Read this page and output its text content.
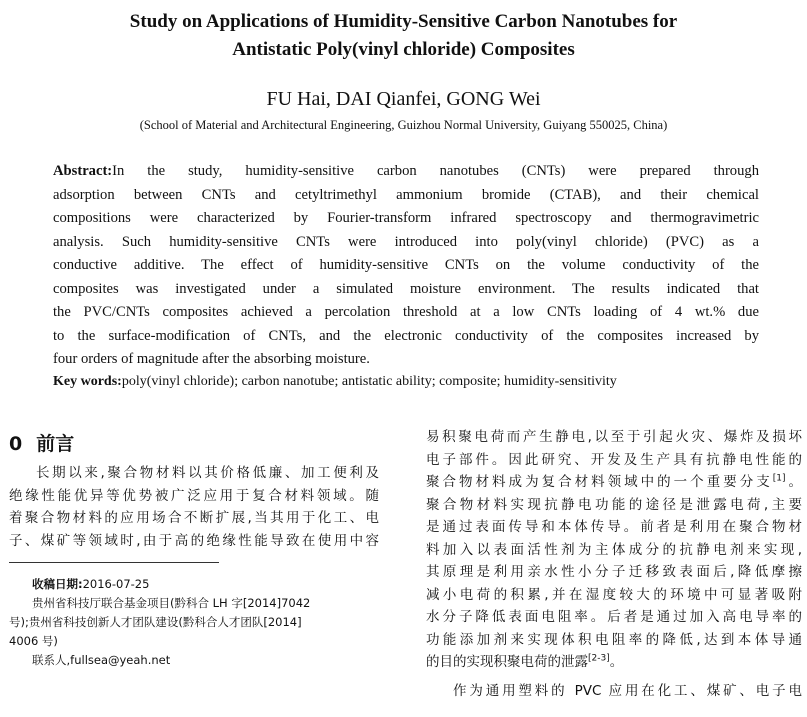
Study on Applications of Humidity-Sensitive Carbon Nanotubes for
Antistatic Poly(vinyl chloride) Composites
FU Hai, DAI Qianfei, GONG Wei
(School of Material and Architectural Engineering, Guizhou Normal University, Guiyang 550025, China)
Abstract:In the study, humidity-sensitive carbon nanotubes (CNTs) were prepared through
adsorption between CNTs and cetyltrimethyl ammonium bromide (CTAB), and their chemical
compositions were characterized by Fourier-transform infrared spectroscopy and thermogravimetric
analysis. Such humidity-sensitive CNTs were introduced into poly(vinyl chloride) (PVC) as a
conductive additive. The effect of humidity-sensitive CNTs on the volume conductivity of the
composites was investigated under a simulated moisture environment. The results indicated that
the PVC/CNTs composites achieved a percolation threshold at a low CNTs loading of 4 wt.% due
to the surface-modification of CNTs, and the electronic conductivity of the composites increased by
four orders of magnitude after the absorbing moisture.
Key words:poly(vinyl chloride); carbon nanotube; antistatic ability; composite; humidity-sensitivity
0 前言
长期以来,聚合物材料以其价格低廉、加工便利及
绝缘性能优异等优势被广泛应用于复合材料领域。随
着聚合物材料的应用场合不断扩展,当其用于化工、电
子、煤矿等领域时,由于高的绝缘性能导致在使用中容
收稿日期:2016-07-25
贵州省科技厅联合基金项目(黔科合 LH 字[2014]7042
号);贵州省科技创新人才团队建设(黔科合人才团队[2014]
4006 号)
联系人,fullsea@yeah.net
易积聚电荷而产生静电,以至于引起火灾、爆炸及损坏
电子部件。因此研究、开发及生产具有抗静电性能的
聚合物材料成为复合材料领域中的一个重要分支[1]。
聚合物材料实现抗静电功能的途径是泄露电荷,主要
是通过表面传导和本体传导。前者是利用在聚合物材
料加入以表面活性剂为主体成分的抗静电剂来实现,
其原理是利用亲水性小分子迁移致表面后,降低摩擦
减小电荷的积累,并在湿度较大的环境中可显著吸附
水分子降低表面电阻率。后者是通过加入高电导率的
功能添加剂来实现体积电阻率的降低,达到本体导通
的目的实现积聚电荷的泄露[2-3]。
作为通用塑料的 PVC 应用在化工、煤矿、电子电
